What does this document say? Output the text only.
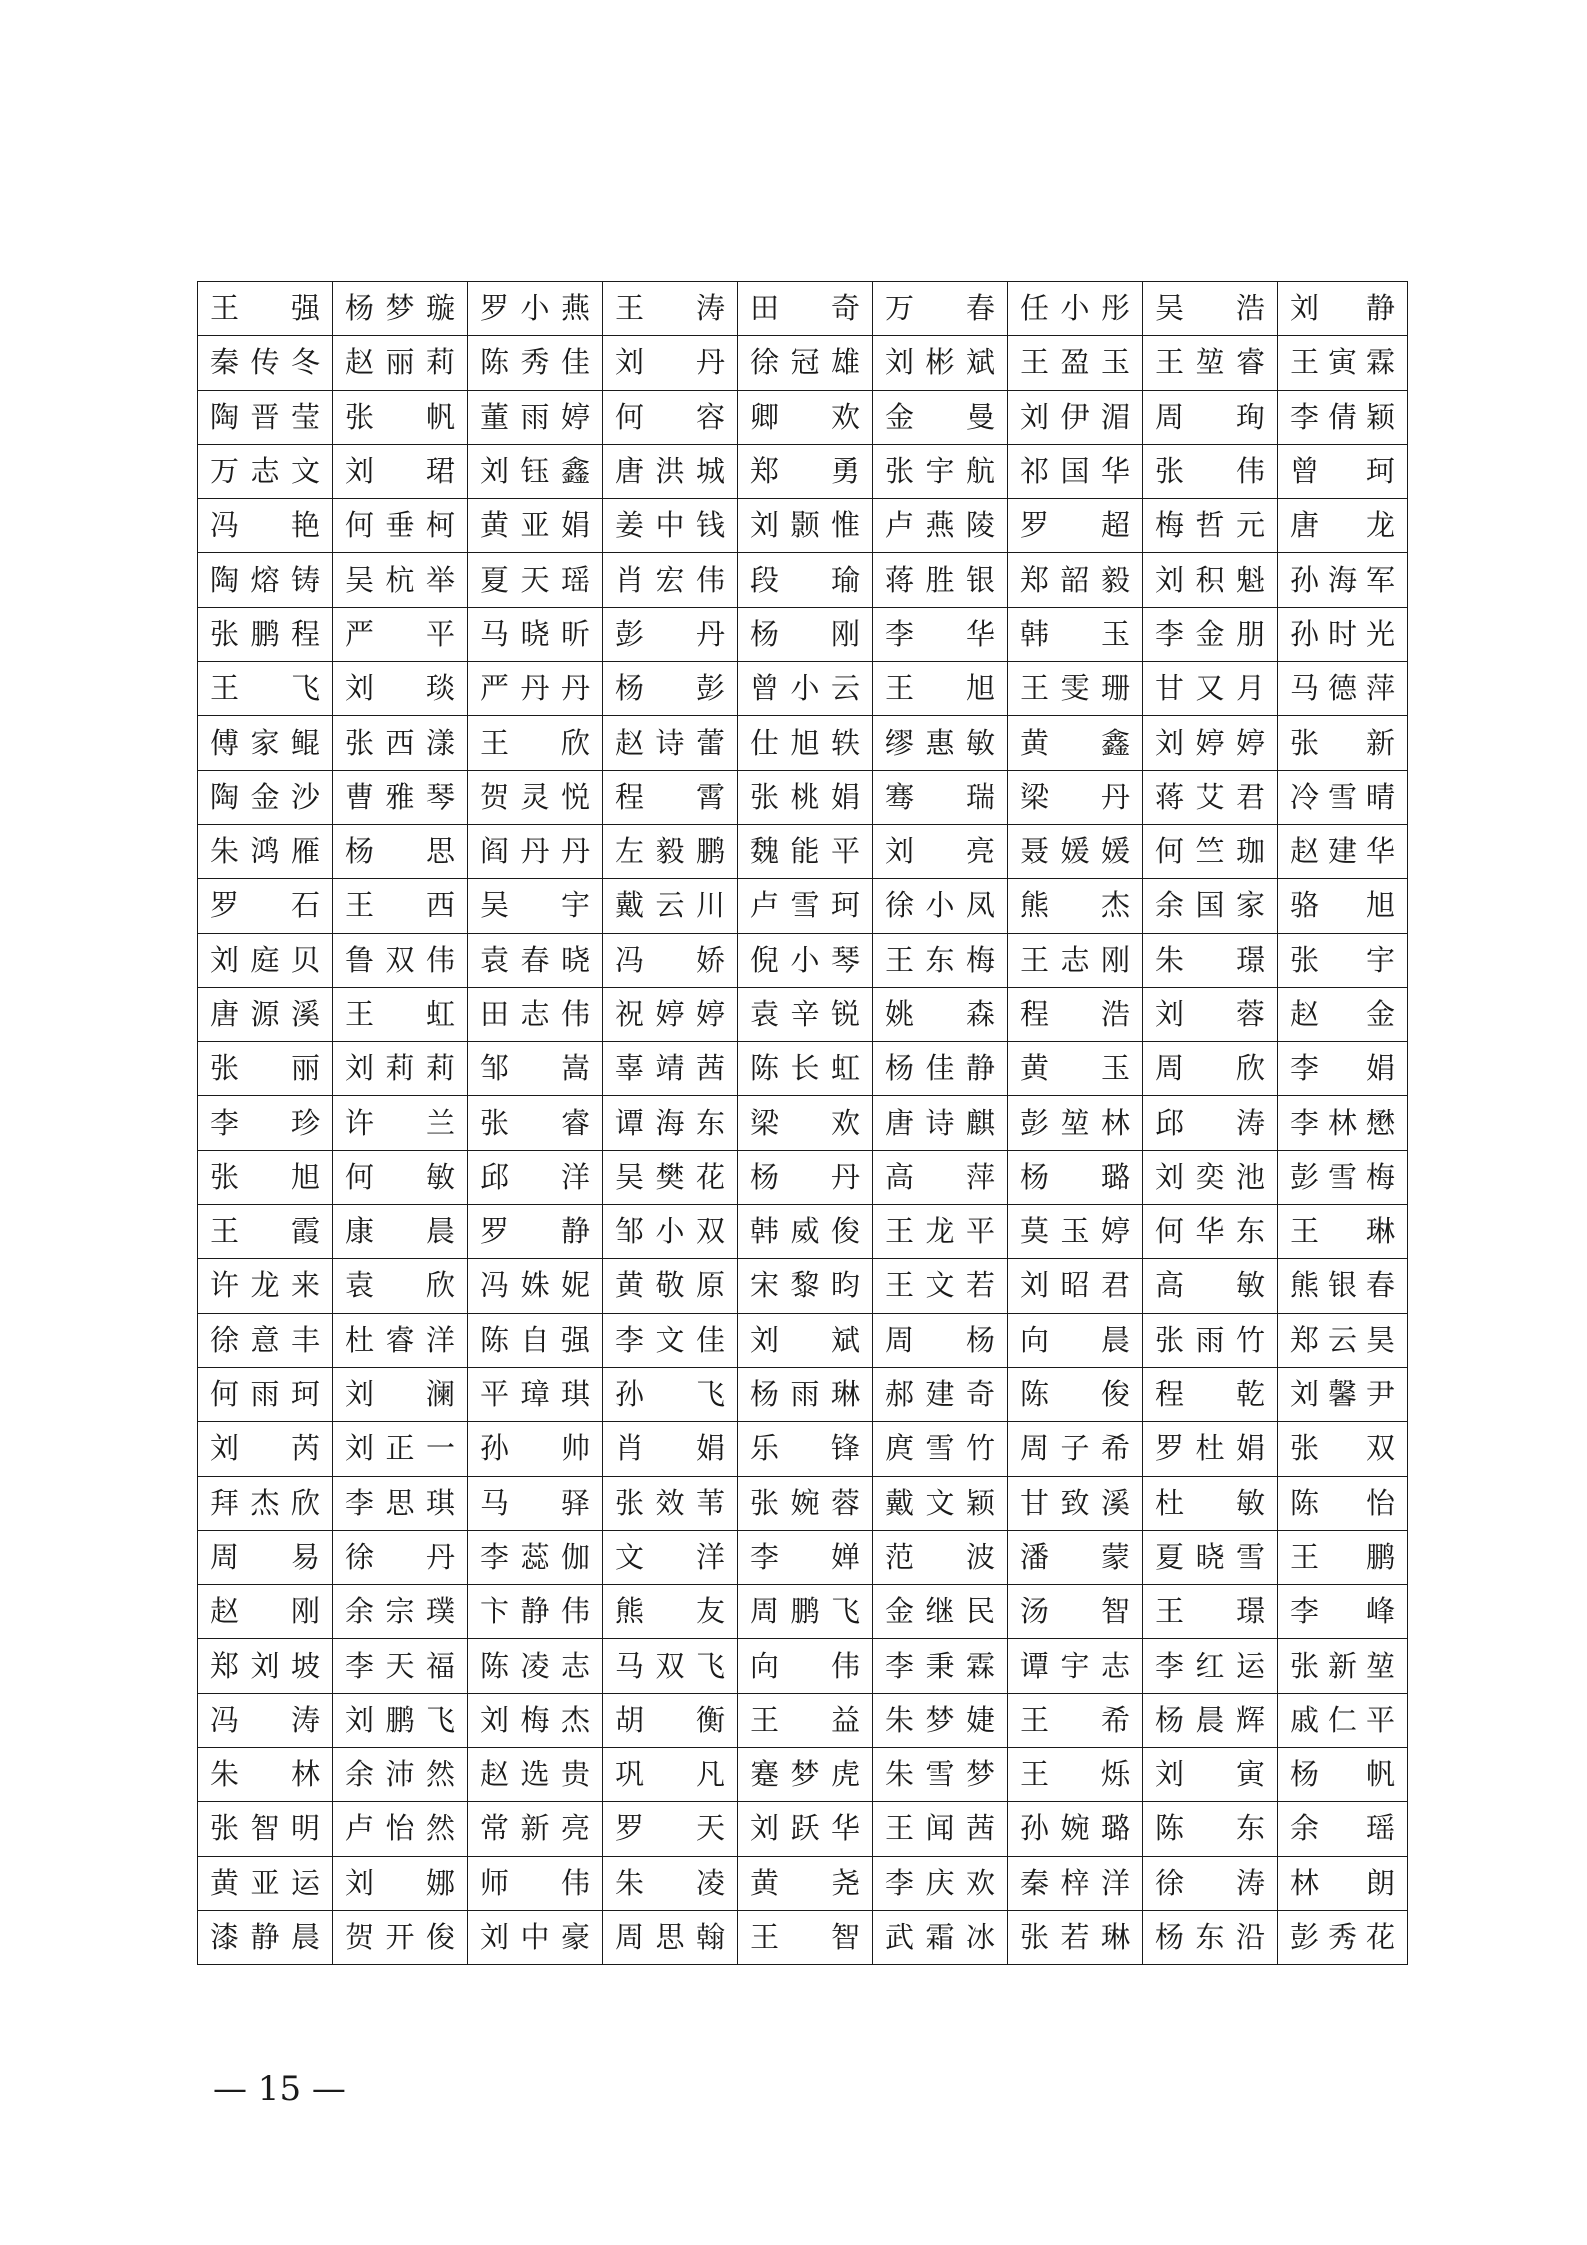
王强	杨梦璇	罗小燕	王涛	田奇	万春	任小彤	吴浩	刘静
秦传冬	赵丽莉	陈秀佳	刘丹	徐冠雄	刘彬斌	王盈玉	王堃睿	王寅霖
陶晋莹	张帆	董雨婷	何容	卿欢	金曼	刘伊湄	周珣	李倩颖
万志文	刘珺	刘钰鑫	唐洪城	郑勇	张宇航	祁国华	张伟	曾珂
冯艳	何垂柯	黄亚娟	姜中钱	刘颢惟	卢燕陵	罗超	梅哲元	唐龙
陶熔铸	吴杭举	夏天瑶	肖宏伟	段瑜	蒋胜银	郑韶毅	刘积魁	孙海军
张鹏程	严平	马晓昕	彭丹	杨刚	李华	韩玉	李金朋	孙时光
王飞	刘琰	严丹丹	杨彭	曾小云	王旭	王雯珊	甘又月	马德萍
傅家鲲	张西漾	王欣	赵诗蕾	仕旭轶	缪惠敏	黄鑫	刘婷婷	张新
陶金沙	曹雅琴	贺灵悦	程霄	张桃娟	骞瑞	梁丹	蒋艾君	冷雪晴
朱鸿雁	杨思	阎丹丹	左毅鹏	魏能平	刘亮	聂媛媛	何竺珈	赵建华
罗石	王西	吴宇	戴云川	卢雪珂	徐小凤	熊杰	余国家	骆旭
刘庭贝	鲁双伟	袁春晓	冯娇	倪小琴	王东梅	王志刚	朱璟	张宇
唐源溪	王虹	田志伟	祝婷婷	袁辛锐	姚森	程浩	刘蓉	赵金
张丽	刘莉莉	邹嵩	辜靖茜	陈长虹	杨佳静	黄玉	周欣	李娟
李珍	许兰	张睿	谭海东	梁欢	唐诗麒	彭堃林	邱涛	李林懋
张旭	何敏	邱洋	吴樊花	杨丹	高萍	杨璐	刘奕池	彭雪梅
王霞	康晨	罗静	邹小双	韩威俊	王龙平	莫玉婷	何华东	王琳
许龙来	袁欣	冯姝妮	黄敬原	宋黎昀	王文若	刘昭君	高敏	熊银春
徐意丰	杜睿洋	陈自强	李文佳	刘斌	周杨	向晨	张雨竹	郑云昊
何雨珂	刘澜	平璋琪	孙飞	杨雨琳	郝建奇	陈俊	程乾	刘馨尹
刘芮	刘正一	孙帅	肖娟	乐锋	庹雪竹	周子希	罗杜娟	张双
拜杰欣	李思琪	马驿	张效苇	张婉蓉	戴文颖	甘致溪	杜敏	陈怡
周易	徐丹	李蕊伽	文洋	李婵	范波	潘蒙	夏晓雪	王鹏
赵刚	余宗璞	卞静伟	熊友	周鹏飞	金继民	汤智	王璟	李峰
郑刘坡	李天福	陈凌志	马双飞	向伟	李秉霖	谭宇志	李红运	张新堃
冯涛	刘鹏飞	刘梅杰	胡衡	王益	朱梦婕	王希	杨晨辉	戚仁平
朱林	余沛然	赵选贵	巩凡	蹇梦虎	朱雪梦	王烁	刘寅	杨帆
张智明	卢怡然	常新亮	罗天	刘跃华	王闻茜	孙婉璐	陈东	余瑶
黄亚运	刘娜	师伟	朱凌	黄尧	李庆欢	秦梓洋	徐涛	林朗
漆静晨	贺开俊	刘中豪	周思翰	王智	武霜冰	张若琳	杨东沿	彭秀花
— 15 —
